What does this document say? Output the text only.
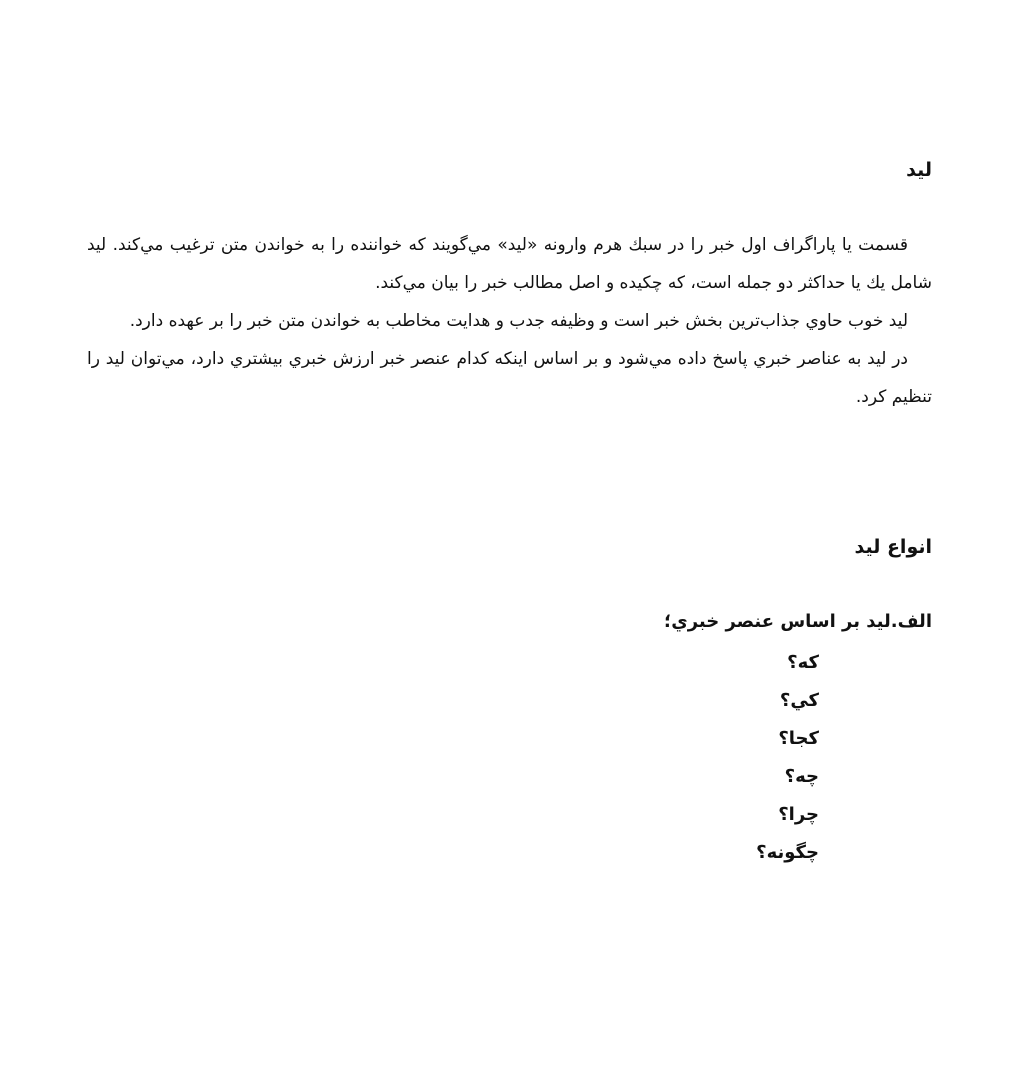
لید

قسمت یا پاراگراف اول خبر را در سبك هرم وارونه «لید» مي‌گويند كه خواننده را به خواندن متن ترغيب مي‌كند. لید شامل يك يا حداكثر دو جمله است، كه چكيده و اصل مطالب خبر را بيان مي‌كند.

لید خوب حاوي جذاب‌ترين بخش خبر است و وظيفه جدب و هدايت مخاطب به خواندن متن خبر را بر عهده دارد.

در لید به عناصر خبري پاسخ داده مي‌شود و بر اساس اينكه كدام عنصر خبر ارزش خبري بيشتري دارد، مي‌توان لید را تنظيم كرد.

انواع لید
الف.لید بر اساس عنصر خبري؛
كه؟
كي؟
كجا؟
چه؟
چرا؟
چگونه؟
